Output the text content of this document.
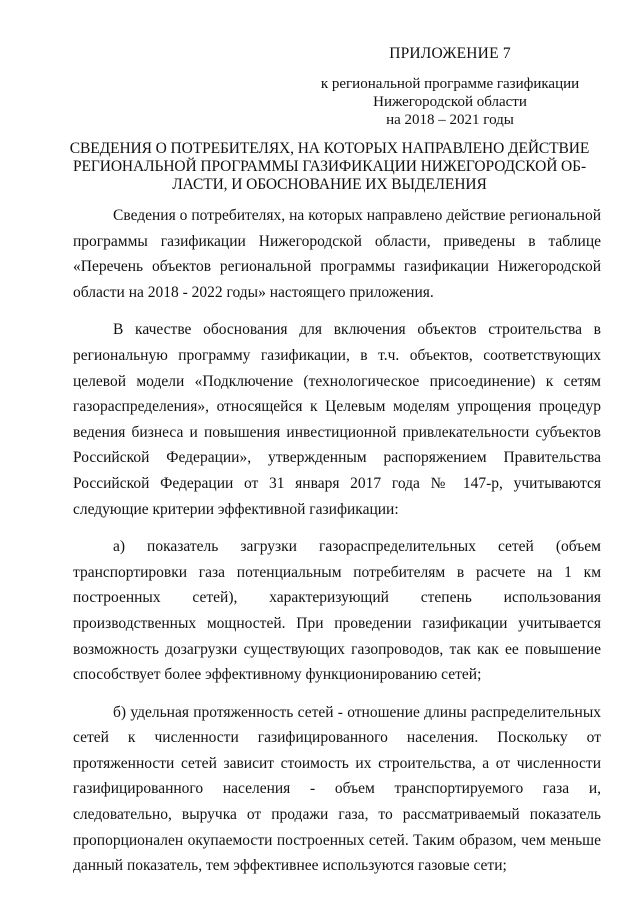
ПРИЛОЖЕНИЕ 7
к региональной программе газификации
Нижегородской области
на 2018 – 2021 годы
СВЕДЕНИЯ О ПОТРЕБИТЕЛЯХ, НА КОТОРЫХ НАПРАВЛЕНО ДЕЙСТВИЕ
РЕГИОНАЛЬНОЙ ПРОГРАММЫ ГАЗИФИКАЦИИ НИЖЕГОРОДСКОЙ ОБ-
ЛАСТИ, И ОБОСНОВАНИЕ ИХ ВЫДЕЛЕНИЯ

Сведения о потребителях, на которых направлено действие региональной программы газификации Нижегородской области, приведены в таблице «Перечень объектов региональной программы газификации Нижегородской области на 2018 - 2022 годы» настоящего приложения.

В качестве обоснования для включения объектов строительства в региональную программу газификации, в т.ч. объектов, соответствующих целевой модели «Подключение (технологическое присоединение) к сетям газораспределения», относящейся к Целевым моделям упрощения процедур ведения бизнеса и повышения инвестиционной привлекательности субъектов Российской Федерации», утвержденным распоряжением Правительства Российской Федерации от 31 января 2017 года № 147-р, учитываются следующие критерии эффективной газификации:

а) показатель загрузки газораспределительных сетей (объем транспортировки газа потенциальным потребителям в расчете на 1 км построенных сетей), характеризующий степень использования производственных мощностей. При проведении газификации учитывается возможность дозагрузки существующих газопроводов, так как ее повышение способствует более эффективному функционированию сетей;

б) удельная протяженность сетей - отношение длины распределительных сетей к численности газифицированного населения. Поскольку от протяженности сетей зависит стоимость их строительства, а от численности газифицированного населения - объем транспортируемого газа и, следовательно, выручка от продажи газа, то рассматриваемый показатель пропорционален окупаемости построенных сетей. Таким образом, чем меньше данный показатель, тем эффективнее используются газовые сети;
